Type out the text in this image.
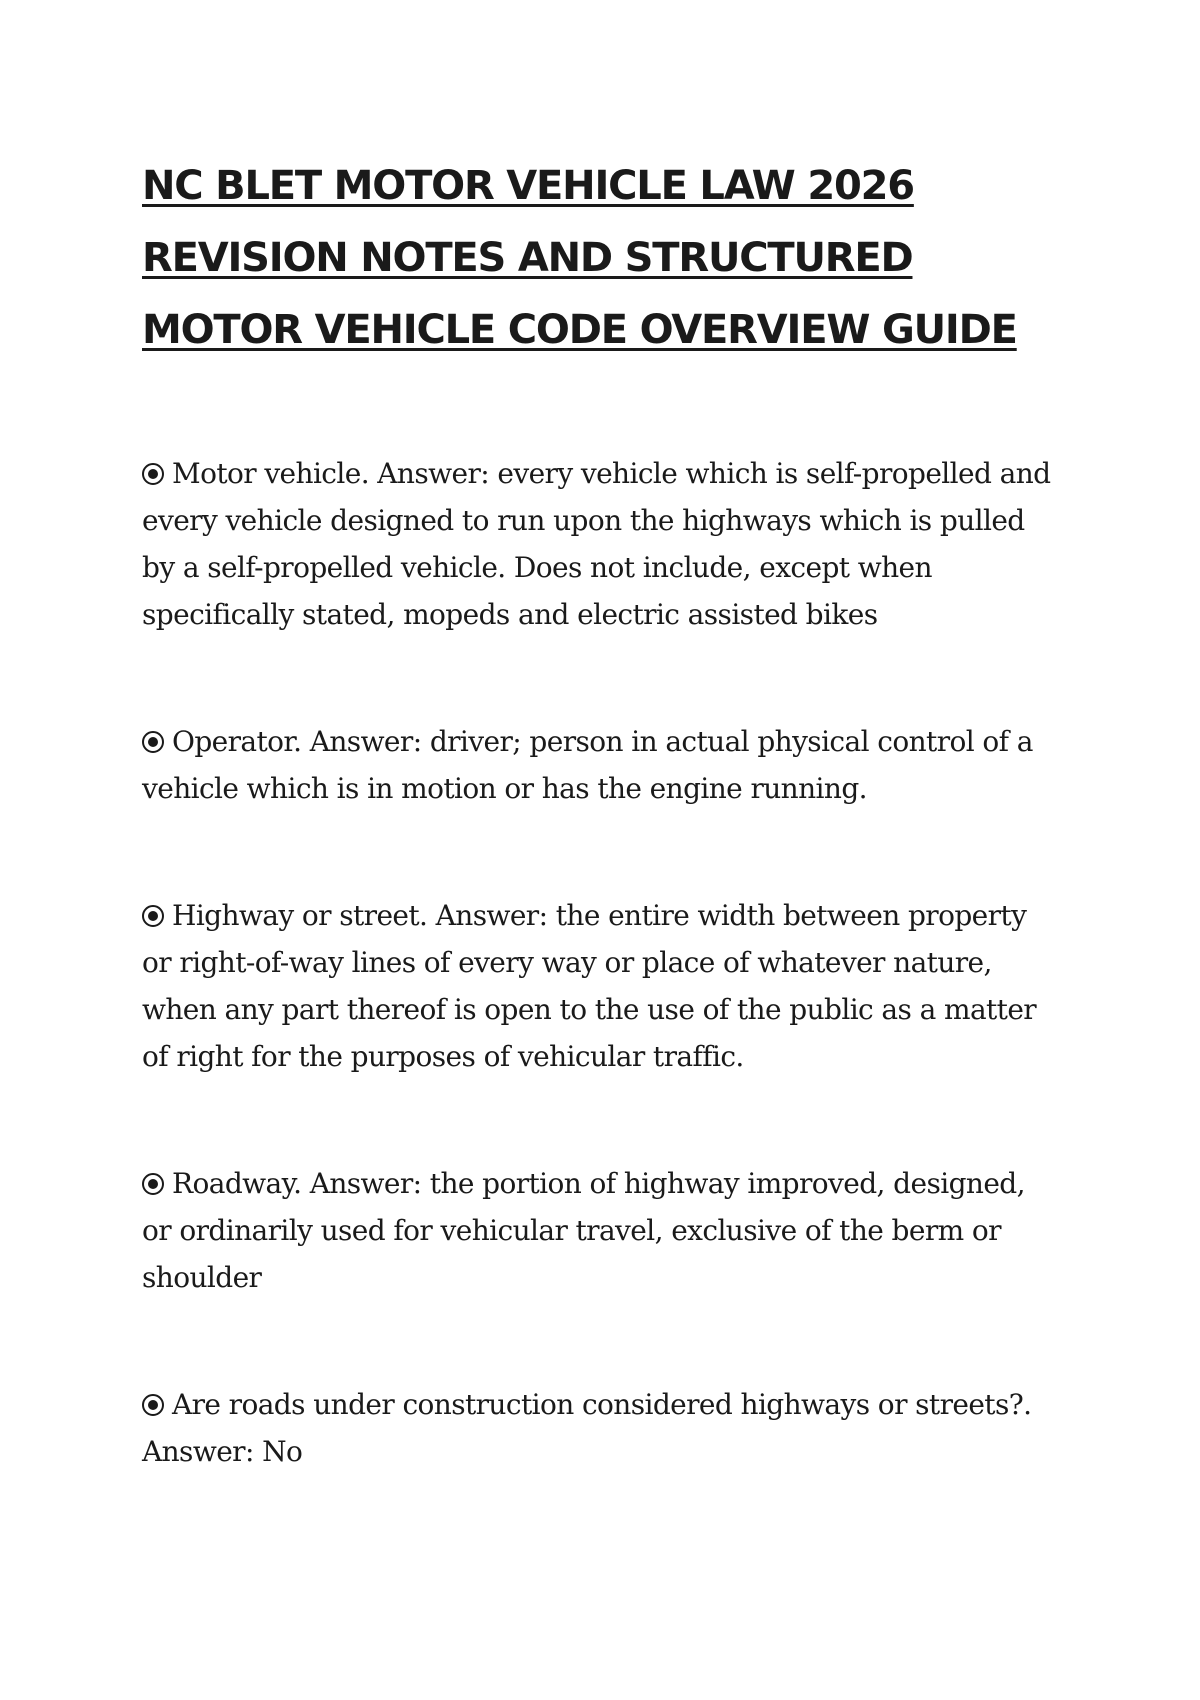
NC BLET MOTOR VEHICLE LAW 2026 REVISION NOTES AND STRUCTURED MOTOR VEHICLE CODE OVERVIEW GUIDE
Motor vehicle. Answer: every vehicle which is self-propelled and every vehicle designed to run upon the highways which is pulled by a self-propelled vehicle. Does not include, except when specifically stated, mopeds and electric assisted bikes
Operator. Answer: driver; person in actual physical control of a vehicle which is in motion or has the engine running.
Highway or street. Answer: the entire width between property or right-of-way lines of every way or place of whatever nature, when any part thereof is open to the use of the public as a matter of right for the purposes of vehicular traffic.
Roadway. Answer: the portion of highway improved, designed, or ordinarily used for vehicular travel, exclusive of the berm or shoulder
Are roads under construction considered highways or streets?. Answer: No
